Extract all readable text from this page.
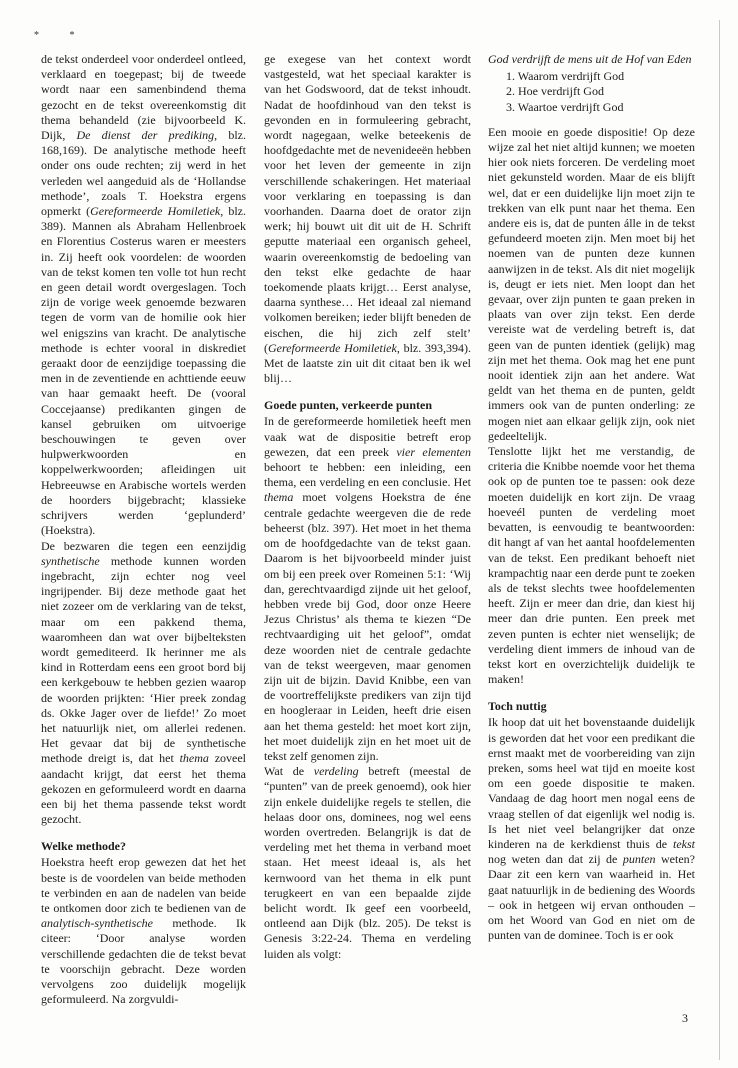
* *

de tekst onderdeel voor onderdeel ontleed, verklaard en toegepast; bij de tweede wordt naar een samenbindend thema gezocht en de tekst overeenkomstig dit thema behandeld (zie bijvoorbeeld K. Dijk, De dienst der prediking, blz. 168,169). De analytische methode heeft onder ons oude rechten; zij werd in het verleden wel aangeduid als de ‘Hollandse methode’, zoals T. Hoekstra ergens opmerkt (Gereformeerde Homiletiek, blz. 389). Mannen als Abraham Hellenbroek en Florentius Costerus waren er meesters in. Zij heeft ook voordelen: de woorden van de tekst komen ten volle tot hun recht en geen detail wordt overgeslagen. Toch zijn de vorige week genoemde bezwaren tegen de vorm van de homilie ook hier wel enigszins van kracht. De analytische methode is echter vooral in diskrediet geraakt door de eenzijdige toepassing die men in de zeventiende en achttiende eeuw van haar gemaakt heeft. De (vooral Coccejaanse) predikanten gingen de kansel gebruiken om uitvoerige beschouwingen te geven over hulpwerkwoorden en koppelwerkwoorden; afleidingen uit Hebreeuwse en Arabische wortels werden de hoorders bijgebracht; klassieke schrijvers werden ‘geplunderd’ (Hoekstra).

De bezwaren die tegen een eenzijdig synthetische methode kunnen worden ingebracht, zijn echter nog veel ingrijpender. Bij deze methode gaat het niet zozeer om de verklaring van de tekst, maar om een pakkend thema, waaromheen dan wat over bijbelteksten wordt gemediteerd. Ik herinner me als kind in Rotterdam eens een groot bord bij een kerkgebouw te hebben gezien waarop de woorden prijkten: ‘Hier preek zondag ds. Okke Jager over de liefde!’ Zo moet het natuurlijk niet, om allerlei redenen. Het gevaar dat bij de synthetische methode dreigt is, dat het thema zoveel aandacht krijgt, dat eerst het thema gekozen en geformuleerd wordt en daarna een bij het thema passende tekst wordt gezocht.

Welke methode?

Hoekstra heeft erop gewezen dat het het beste is de voordelen van beide methoden te verbinden en aan de nadelen van beide te ontkomen door zich te bedienen van de analytisch-synthetische methode. Ik citeer: ‘Door analyse worden verschillende gedachten die de tekst bevat te voorschijn gebracht. Deze worden vervolgens zoo duidelijk mogelijk geformuleerd. Na zorgvuldi-

ge exegese van het context wordt vastgesteld, wat het speciaal karakter is van het Godswoord, dat de tekst inhoudt. Nadat de hoofdinhoud van den tekst is gevonden en in formuleering gebracht, wordt nagegaan, welke beteekenis de hoofdgedachte met de nevenideeën hebben voor het leven der gemeente in zijn verschillende schakeringen. Het materiaal voor verklaring en toepassing is dan voorhanden. Daarna doet de orator zijn werk; hij bouwt uit dit uit de H. Schrift geputte materiaal een organisch geheel, waarin overeenkomstig de bedoeling van den tekst elke gedachte de haar toekomende plaats krijgt… Eerst analyse, daarna synthese… Het ideaal zal niemand volkomen bereiken; ieder blijft beneden de eischen, die hij zich zelf stelt’ (Gereformeerde Homiletiek, blz. 393,394). Met de laatste zin uit dit citaat ben ik wel blij…

Goede punten, verkeerde punten

In de gereformeerde homiletiek heeft men vaak wat de dispositie betreft erop gewezen, dat een preek vier elementen behoort te hebben: een inleiding, een thema, een verdeling en een conclusie. Het thema moet volgens Hoekstra de éne centrale gedachte weergeven die de rede beheerst (blz. 397). Het moet in het thema om de hoofdgedachte van de tekst gaan. Daarom is het bijvoorbeeld minder juist om bij een preek over Romeinen 5:1: ‘Wij dan, gerechtvaardigd zijnde uit het geloof, hebben vrede bij God, door onze Heere Jezus Christus’ als thema te kiezen “De rechtvaardiging uit het geloof”, omdat deze woorden niet de centrale gedachte van de tekst weergeven, maar genomen zijn uit de bijzin. David Knibbe, een van de voortreffelijkste predikers van zijn tijd en hoogleraar in Leiden, heeft drie eisen aan het thema gesteld: het moet kort zijn, het moet duidelijk zijn en het moet uit de tekst zelf genomen zijn.

Wat de verdeling betreft (meestal de “punten” van de preek genoemd), ook hier zijn enkele duidelijke regels te stellen, die helaas door ons, dominees, nog wel eens worden overtreden. Belangrijk is dat de verdeling met het thema in verband moet staan. Het meest ideaal is, als het kernwoord van het thema in elk punt terugkeert en van een bepaalde zijde belicht wordt. Ik geef een voorbeeld, ontleend aan Dijk (blz. 205). De tekst is Genesis 3:22-24. Thema en verdeling luiden als volgt:

God verdrijft de mens uit de Hof van Eden

1. Waarom verdrijft God
2. Hoe verdrijft God
3. Waartoe verdrijft God

Een mooie en goede dispositie! Op deze wijze zal het niet altijd kunnen; we moeten hier ook niets forceren. De verdeling moet niet gekunsteld worden. Maar de eis blijft wel, dat er een duidelijke lijn moet zijn te trekken van elk punt naar het thema. Een andere eis is, dat de punten álle in de tekst gefundeerd moeten zijn. Men moet bij het noemen van de punten deze kunnen aanwijzen in de tekst. Als dit niet mogelijk is, deugt er iets niet. Men loopt dan het gevaar, over zijn punten te gaan preken in plaats van over zijn tekst. Een derde vereiste wat de verdeling betreft is, dat geen van de punten identiek (gelijk) mag zijn met het thema. Ook mag het ene punt nooit identiek zijn aan het andere. Wat geldt van het thema en de punten, geldt immers ook van de punten onderling: ze mogen niet aan elkaar gelijk zijn, ook niet gedeeltelijk.

Tenslotte lijkt het me verstandig, de criteria die Knibbe noemde voor het thema ook op de punten toe te passen: ook deze moeten duidelijk en kort zijn. De vraag hoeveél punten de verdeling moet bevatten, is eenvoudig te beantwoorden: dit hangt af van het aantal hoofdelementen van de tekst. Een predikant behoeft niet krampachtig naar een derde punt te zoeken als de tekst slechts twee hoofdelementen heeft. Zijn er meer dan drie, dan kiest hij meer dan drie punten. Een preek met zeven punten is echter niet wenselijk; de verdeling dient immers de inhoud van de tekst kort en overzichtelijk duidelijk te maken!

Toch nuttig

Ik hoop dat uit het bovenstaande duidelijk is geworden dat het voor een predikant die ernst maakt met de voorbereiding van zijn preken, soms heel wat tijd en moeite kost om een goede dispositie te maken. Vandaag de dag hoort men nogal eens de vraag stellen of dat eigenlijk wel nodig is. Is het niet veel belangrijker dat onze kinderen na de kerkdienst thuis de tekst nog weten dan dat zij de punten weten? Daar zit een kern van waarheid in. Het gaat natuurlijk in de bediening des Woords – ook in hetgeen wij ervan onthouden – om het Woord van God en niet om de punten van de dominee. Toch is er ook

3
